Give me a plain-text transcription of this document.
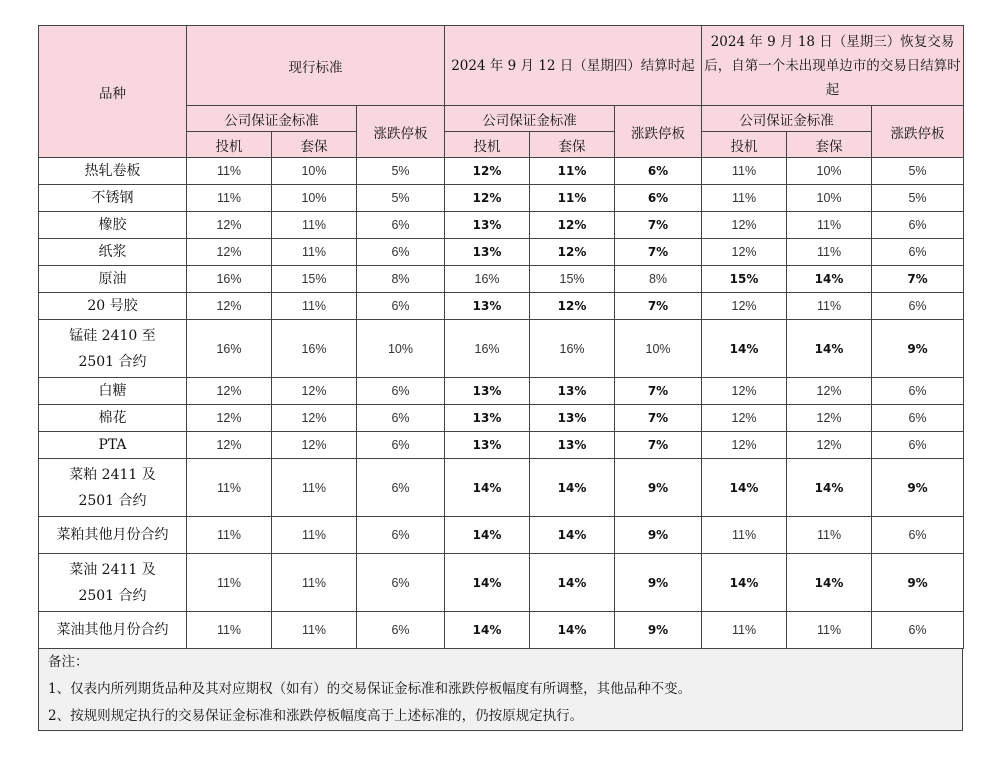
品种	现行标准			2024 年 9 月 12 日（星期四）结算时起			2024 年 9 月 18 日（星期三）恢复交易后，自第一个未出现单边市的交易日结算时起		
	公司保证金标准		涨跌停板	公司保证金标准		涨跌停板	公司保证金标准		涨跌停板
	投机	套保		投机	套保		投机	套保	
热轧卷板	11%	10%	5%	12%	11%	6%	11%	10%	5%
不锈钢	11%	10%	5%	12%	11%	6%	11%	10%	5%
橡胶	12%	11%	6%	13%	12%	7%	12%	11%	6%
纸浆	12%	11%	6%	13%	12%	7%	12%	11%	6%
原油	16%	15%	8%	16%	15%	8%	15%	14%	7%
20 号胶	12%	11%	6%	13%	12%	7%	12%	11%	6%
锰硅 2410 至 2501 合约	16%	16%	10%	16%	16%	10%	14%	14%	9%
白糖	12%	12%	6%	13%	13%	7%	12%	12%	6%
棉花	12%	12%	6%	13%	13%	7%	12%	12%	6%
PTA	12%	12%	6%	13%	13%	7%	12%	12%	6%
菜粕 2411 及 2501 合约	11%	11%	6%	14%	14%	9%	14%	14%	9%
菜粕其他月份合约	11%	11%	6%	14%	14%	9%	11%	11%	6%
菜油 2411 及 2501 合约	11%	11%	6%	14%	14%	9%	14%	14%	9%
菜油其他月份合约	11%	11%	6%	14%	14%	9%	11%	11%	6%
备注：
1、仅表内所列期货品种及其对应期权（如有）的交易保证金标准和涨跌停板幅度有所调整，其他品种不变。
2、按规则规定执行的交易保证金标准和涨跌停板幅度高于上述标准的，仍按原规定执行。
